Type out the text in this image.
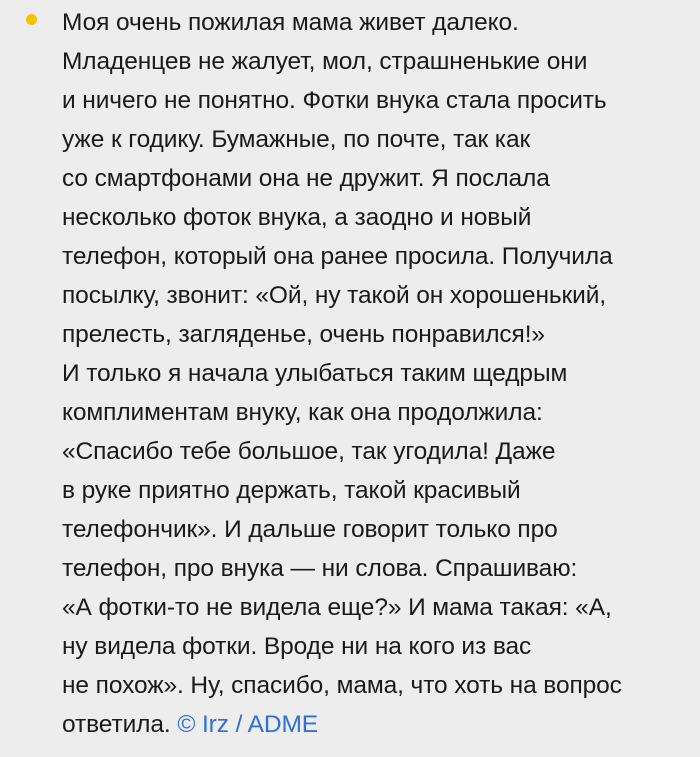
Моя очень пожилая мама живет далеко.
Младенцев не жалует, мол, страшненькие они
и ничего не понятно. Фотки внука стала просить
уже к годику. Бумажные, по почте, так как
со смартфонами она не дружит. Я послала
несколько фоток внука, а заодно и новый
телефон, который она ранее просила. Получила
посылку, звонит: «Ой, ну такой он хорошенький,
прелесть, загляденье, очень понравился!»
И только я начала улыбаться таким щедрым
комплиментам внуку, как она продолжила:
«Спасибо тебе большое, так угодила! Даже
в руке приятно держать, такой красивый
телефончик». И дальше говорит только про
телефон, про внука — ни слова. Спрашиваю:
«А фотки-то не видела еще?» И мама такая: «А,
ну видела фотки. Вроде ни на кого из вас
не похож». Ну, спасибо, мама, что хоть на вопрос
ответила. © Irz / ADME
